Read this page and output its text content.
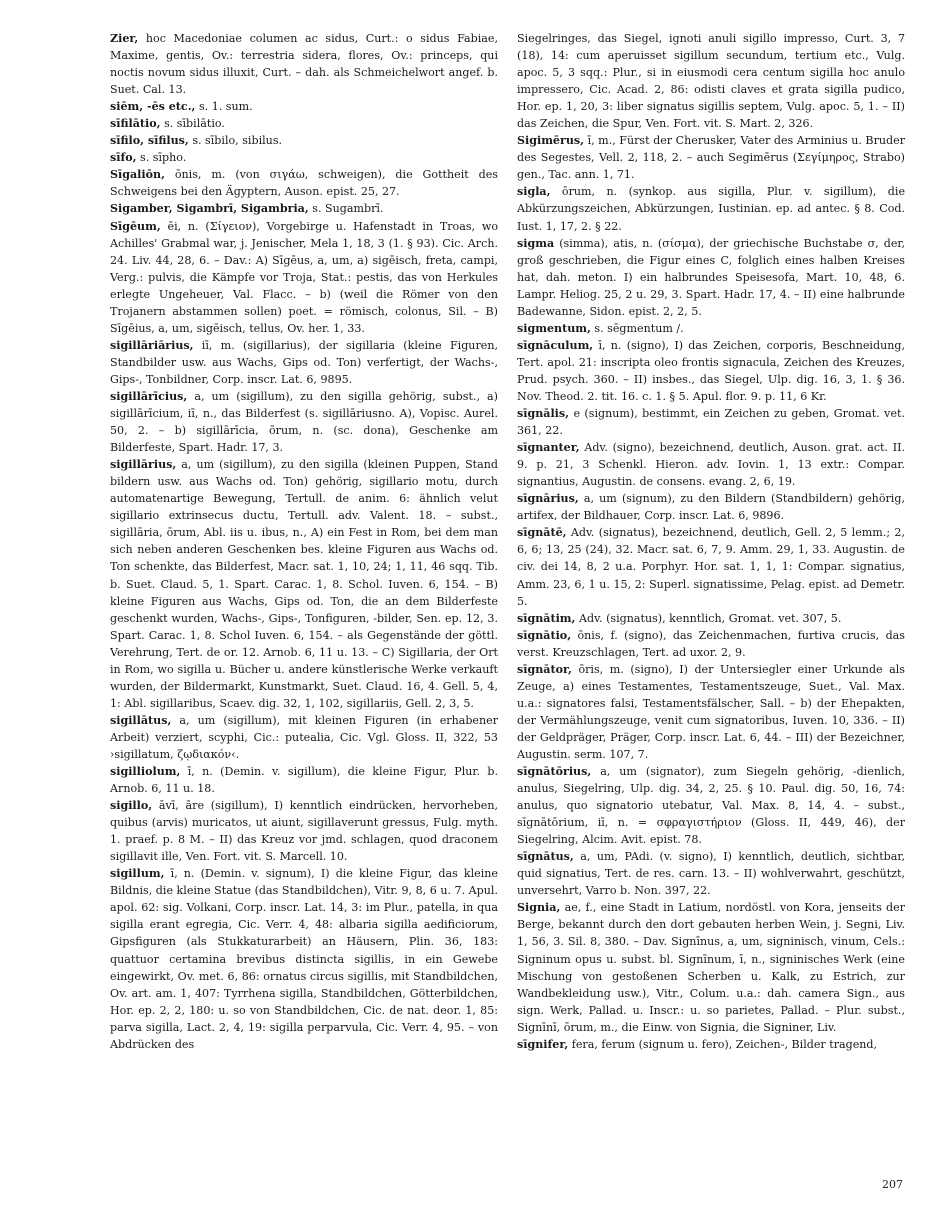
Zier, hoc Macedoniae columen ac sidus, Curt.: o sidus Fabiae, Maxime, gentis, Ov.: terrestria sidera, flores, Ov.: princeps, qui noctis novum sidus illuxit, Curt. – dah. als Schmeichelwort angef. b. Suet. Cal. 13.

siēm, -ēs etc., s. 1. sum.

sīfilātio, s. sībilātio.

sīfilo, sīfilus, s. sībilo, sibilus.

sīfo, s. sīpho.

Sīgaliōn, ōnis, m. (von σιγάω, schweigen), die Gottheit des Schweigens bei den Ägyptern, Auson. epist. 25, 27.

Sigamber, Sigambrī, Sigambria, s. Sugambrī.

Sīgēum, ēi, n. (Σίγειον), Vorgebirge u. Hafenstadt in Troas, wo Achilles' Grabmal war, j. Jenischer, Mela 1, 18, 3 (1. § 93). Cic. Arch. 24. Liv. 44, 28, 6. – Dav.: A) Sīgēus, a, um, a) sigēisch, freta, campi, Verg.: pulvis, die Kämpfe vor Troja, Stat.: pestis, das von Herkules erlegte Ungeheuer, Val. Flacc. – b) (weil die Römer von den Trojanern abstammen sollen) poet. = römisch, colonus, Sil. – B) Sīgēius, a, um, sigēisch, tellus, Ov. her. 1, 33.

sigillāriārius, iī, m. (sigillarius), der sigillaria (kleine Figuren, Standbilder usw. aus Wachs, Gips od. Ton) verfertigt, der Wachs-, Gips-, Tonbildner, Corp. inscr. Lat. 6, 9895.

sigillārīcius, a, um (sigillum), zu den sigilla gehörig, subst., a) sigillārīcium, iī, n., das Bilderfest (s. sigillāriusno. A), Vopisc. Aurel. 50, 2. – b) sigillārīcia, ōrum, n. (sc. dona), Geschenke am Bilderfeste, Spart. Hadr. 17, 3.

sigillārius, a, um (sigillum), zu den sigilla (kleinen Puppen, Stand bildern usw. aus Wachs od. Ton) gehörig, sigillario motu, durch automatenartige Bewegung, Tertull. de anim. 6: ähnlich velut sigillario extrinsecus ductu, Tertull. adv. Valent. 18. – subst., sigillāria, ōrum, Abl. iis u. ibus, n., A) ein Fest in Rom, bei dem man sich neben anderen Geschenken bes. kleine Figuren aus Wachs od. Ton schenkte, das Bilderfest, Macr. sat. 1, 10, 24; 1, 11, 46 sqq. Tib. b. Suet. Claud. 5, 1. Spart. Carac. 1, 8. Schol. Iuven. 6, 154. – B) kleine Figuren aus Wachs, Gips od. Ton, die an dem Bilderfeste geschenkt wurden, Wachs-, Gips-, Tonfiguren, -bilder, Sen. ep. 12, 3. Spart. Carac. 1, 8. Schol Iuven. 6, 154. – als Gegenstände der göttl. Verehrung, Tert. de or. 12. Arnob. 6, 11 u. 13. – C) Sigillaria, der Ort in Rom, wo sigilla u. Bücher u. andere künstlerische Werke verkauft wurden, der Bildermarkt, Kunstmarkt, Suet. Claud. 16, 4. Gell. 5, 4, 1: Abl. sigillaribus, Scaev. dig. 32, 1, 102, sigillariis, Gell. 2, 3, 5.

sigillātus, a, um (sigillum), mit kleinen Figuren (in erhabener Arbeit) verziert, scyphi, Cic.: putealia, Cic. Vgl. Gloss. II, 322, 53 ›sigillatum, ζῳδιακόν‹.

sigilliolum, ī, n. (Demin. v. sigillum), die kleine Figur, Plur. b. Arnob. 6, 11 u. 18.

sigillo, āvī, āre (sigillum), I) kenntlich eindrücken, hervorheben, quibus (arvis) muricatos, ut aiunt, sigillaverunt gressus, Fulg. myth. 1. praef. p. 8 M. – II) das Kreuz vor jmd. schlagen, quod draconem sigillavit ille, Ven. Fort. vit. S. Marcell. 10.

sigillum, ī, n. (Demin. v. signum), I) die kleine Figur, das kleine Bildnis, die kleine Statue (das Standbildchen), Vitr. 9, 8, 6 u. 7. Apul. apol. 62: sig. Volkani, Corp. inscr. Lat. 14, 3: im Plur., patella, in qua sigilla erant egregia, Cic. Verr. 4, 48: albaria sigilla aedificiorum, Gipsfiguren (als Stukkaturarbeit) an Häusern, Plin. 36, 183: quattuor certamina brevibus distincta sigillis, in ein Gewebe eingewirkt, Ov. met. 6, 86: ornatus circus sigillis, mit Standbildchen, Ov. art. am. 1, 407: Tyrrhena sigilla, Standbildchen, Götterbildchen, Hor. ep. 2, 2, 180: u. so von Standbildchen, Cic. de nat. deor. 1, 85: parva sigilla, Lact. 2, 4, 19: sigilla perparvula, Cic. Verr. 4, 95. – von Abdrücken des

Siegelringes, das Siegel, ignoti anuli sigillo impresso, Curt. 3, 7 (18), 14: cum aperuisset sigillum secundum, tertium etc., Vulg. apoc. 5, 3 sqq.: Plur., si in eiusmodi cera centum sigilla hoc anulo impressero, Cic. Acad. 2, 86: odisti claves et grata sigilla pudico, Hor. ep. 1, 20, 3: liber signatus sigillis septem, Vulg. apoc. 5, 1. – II) das Zeichen, die Spur, Ven. Fort. vit. S. Mart. 2, 326.

Sigimērus, ī, m., Fürst der Cherusker, Vater des Arminius u. Bruder des Segestes, Vell. 2, 118, 2. – auch Segimērus (Σεγίμηρος, Strabo) gen., Tac. ann. 1, 71.

sigla, ōrum, n. (synkop. aus sigilla, Plur. v. sigillum), die Abkürzungszeichen, Abkürzungen, Iustinian. ep. ad antec. § 8. Cod. Iust. 1, 17, 2. § 22.

sigma (simma), atis, n. (σίσμα), der griechische Buchstabe σ, der, groß geschrieben, die Figur eines C, folglich eines halben Kreises hat, dah. meton. I) ein halbrundes Speisesofa, Mart. 10, 48, 6. Lampr. Heliog. 25, 2 u. 29, 3. Spart. Hadr. 17, 4. – II) eine halbrunde Badewanne, Sidon. epist. 2, 2, 5.

sigmentum, s. sēgmentum /.

sīgnāculum, ī, n. (signo), I) das Zeichen, corporis, Beschneidung, Tert. apol. 21: inscripta oleo frontis signacula, Zeichen des Kreuzes, Prud. psych. 360. – II) insbes., das Siegel, Ulp. dig. 16, 3, 1. § 36. Nov. Theod. 2. tit. 16. c. 1. § 5. Apul. flor. 9. p. 11, 6 Kr.

sīgnālis, e (signum), bestimmt, ein Zeichen zu geben, Gromat. vet. 361, 22.

sīgnanter, Adv. (signo), bezeichnend, deutlich, Auson. grat. act. II. 9. p. 21, 3 Schenkl. Hieron. adv. Iovin. 1, 13 extr.: Compar. signantius, Augustin. de consens. evang. 2, 6, 19.

sīgnārius, a, um (signum), zu den Bildern (Standbildern) gehörig, artifex, der Bildhauer, Corp. inscr. Lat. 6, 9896.

sīgnātē, Adv. (signatus), bezeichnend, deutlich, Gell. 2, 5 lemm.; 2, 6, 6; 13, 25 (24), 32. Macr. sat. 6, 7, 9. Amm. 29, 1, 33. Augustin. de civ. dei 14, 8, 2 u.a. Porphyr. Hor. sat. 1, 1, 1: Compar. signatius, Amm. 23, 6, 1 u. 15, 2: Superl. signatissime, Pelag. epist. ad Demetr. 5.

sīgnātim, Adv. (signatus), kenntlich, Gromat. vet. 307, 5.

sīgnātio, ōnis, f. (signo), das Zeichenmachen, furtiva crucis, das verst. Kreuzschlagen, Tert. ad uxor. 2, 9.

sīgnātor, ōris, m. (signo), I) der Untersiegler einer Urkunde als Zeuge, a) eines Testamentes, Testamentszeuge, Suet., Val. Max. u.a.: signatores falsi, Testamentsfälscher, Sall. – b) der Ehepakten, der Vermählungszeuge, venit cum signatoribus, Iuven. 10, 336. – II) der Geldpräger, Präger, Corp. inscr. Lat. 6, 44. – III) der Bezeichner, Augustin. serm. 107, 7.

sīgnātōrius, a, um (signator), zum Siegeln gehörig, -dienlich, anulus, Siegelring, Ulp. dig. 34, 2, 25. § 10. Paul. dig. 50, 16, 74: anulus, quo signatorio utebatur, Val. Max. 8, 14, 4. – subst., sīgnātōrium, iī, n. = σφραγιστήριον (Gloss. II, 449, 46), der Siegelring, Alcim. Avit. epist. 78.

sīgnātus, a, um, PAdi. (v. signo), I) kenntlich, deutlich, sichtbar, quid signatius, Tert. de res. carn. 13. – II) wohlverwahrt, geschützt, unversehrt, Varro b. Non. 397, 22.

Signia, ae, f., eine Stadt in Latium, nordöstl. von Kora, jenseits der Berge, bekannt durch den dort gebauten herben Wein, j. Segni, Liv. 1, 56, 3. Sil. 8, 380. – Dav. Signīnus, a, um, signinisch, vinum, Cels.: Signinum opus u. subst. bl. Signīnum, ī, n., signinisches Werk (eine Mischung von gestoßenen Scherben u. Kalk, zu Estrich, zur Wandbekleidung usw.), Vitr., Colum. u.a.: dah. camera Sign., aus sign. Werk, Pallad. u. Inscr.: u. so parietes, Pallad. – Plur. subst., Signīnī, ōrum, m., die Einw. von Signia, die Signiner, Liv.

sīgnifer, fera, ferum (signum u. fero), Zeichen-, Bilder tragend,

207
